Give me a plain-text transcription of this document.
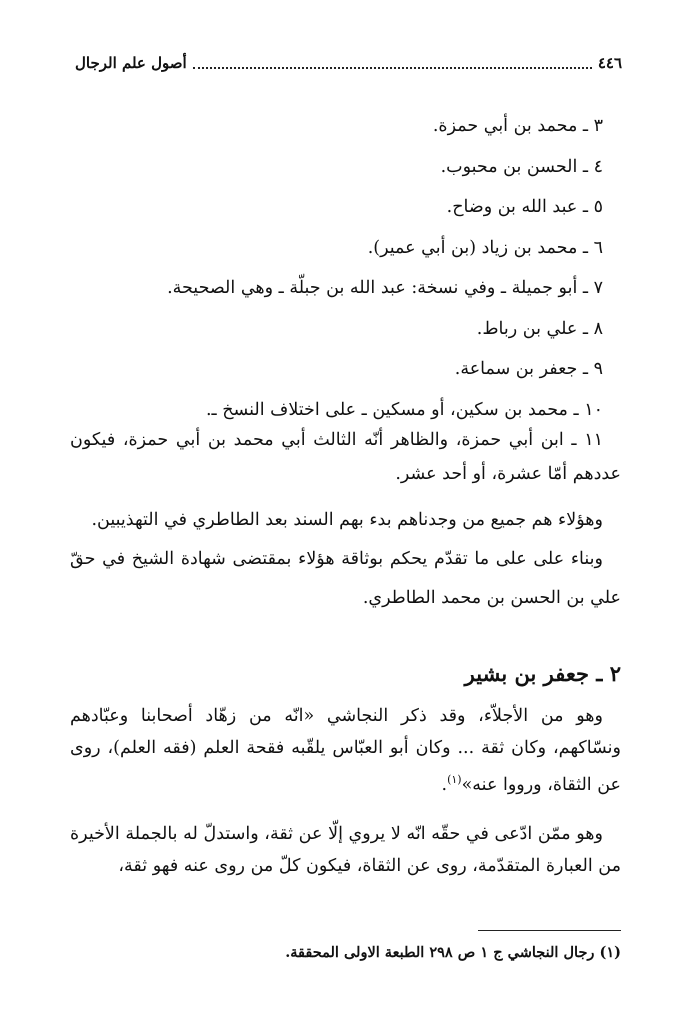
٤٤٦
أصول علم الرجال
٣ ـ محمد بن أبي حمزة.
٤ ـ الحسن بن محبوب.
٥ ـ عبد الله بن وضاح.
٦ ـ محمد بن زياد (بن أبي عمير).
٧ ـ أبو جميلة ـ وفي نسخة: عبد الله بن جبلّة ـ وهي الصحيحة.
٨ ـ علي بن رباط.
٩ ـ جعفر بن سماعة.
١٠ ـ محمد بن سكين، أو مسكين ـ على اختلاف النسخ ـ.
١١ ـ ابن أبي حمزة، والظاهر أنّه الثالث أبي محمد بن أبي حمزة، فيكون عددهم أمّا عشرة، أو أحد عشر.
وهؤلاء هم جميع من وجدناهم بدء بهم السند بعد الطاطري في التهذيبين.
وبناء على على ما تقدّم يحكم بوثاقة هؤلاء بمقتضى شهادة الشيخ في حقّ علي بن الحسن بن محمد الطاطري.
٢ ـ جعفر بن بشير
وهو من الأجلاّء، وقد ذكر النجاشي «انّه من زهّاد أصحابنا وعبّادهم ونسّاكهم، وكان ثقة ... وكان أبو العبّاس يلقّبه فقحة العلم (فقه العلم)، روى عن الثقاة، ورووا عنه»$^{(١)}$.
وهو ممّن ادّعى في حقّه انّه لا يروي إلّا عن ثقة، واستدلّ له بالجملة الأخيرة من العبارة المتقدّمة، روى عن الثقاة، فيكون كلّ من روى عنه فهو ثقة،
(١) رجال النجاشي ج ١ ص ٢٩٨ الطبعة الاولى المحققة.
